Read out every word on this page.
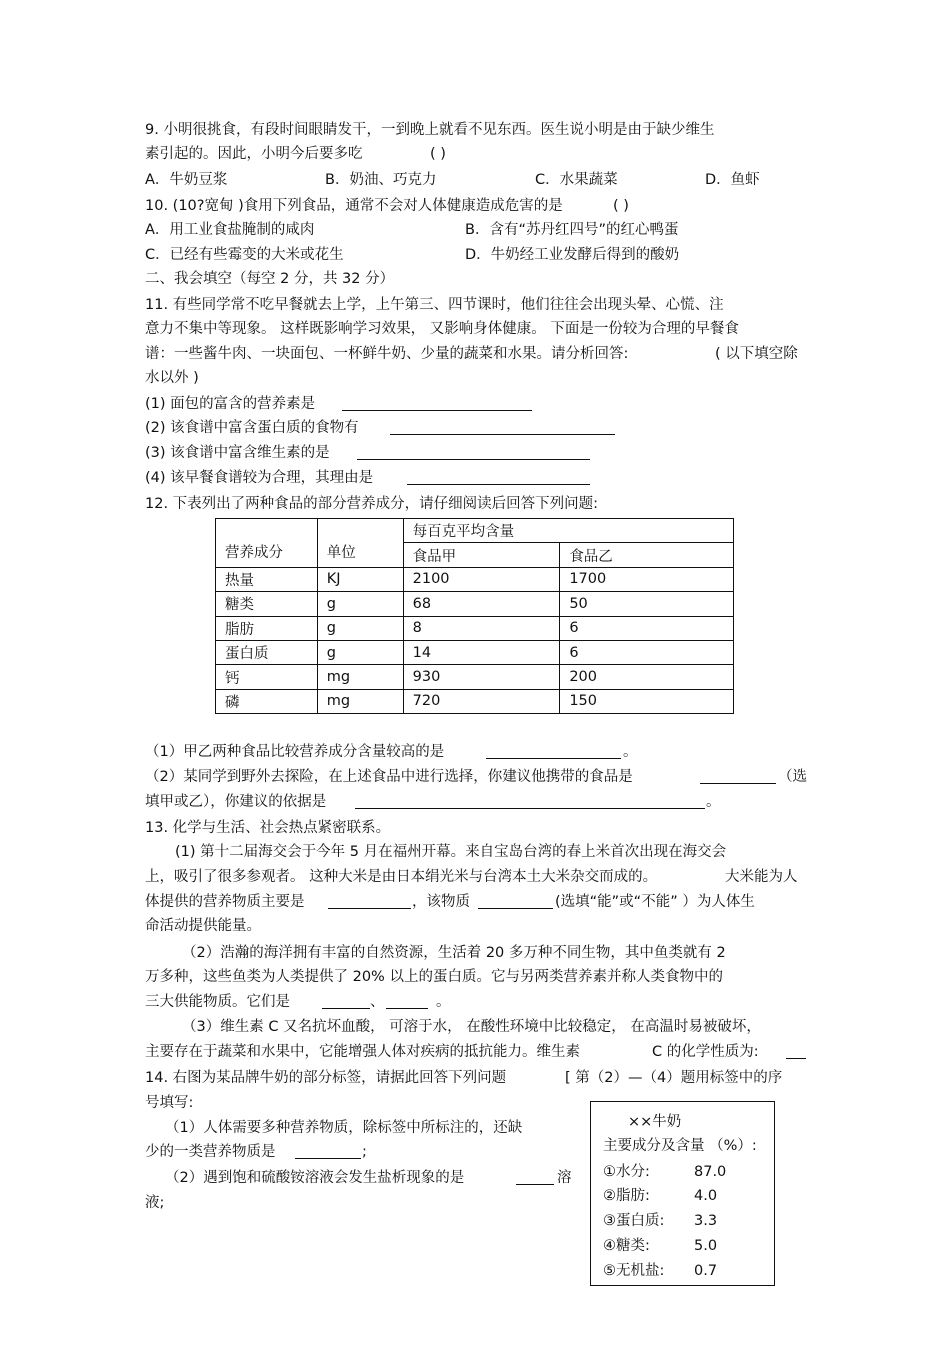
9. 小明很挑食，有段时间眼睛发干，一到晚上就看不见东西。医生说小明是由于缺少维生
素引起的。因此，小明今后要多吃	( )
A．牛奶豆浆	B．奶油、巧克力	C．水果蔬菜	D．鱼虾
10. (10?宽甸 )食用下列食品，通常不会对人体健康造成危害的是	( )
A．用工业食盐腌制的咸肉	B．含有“苏丹红四号”的红心鸭蛋
C．已经有些霉变的大米或花生	D．牛奶经工业发酵后得到的酸奶
二、我会填空（每空 2 分，共 32 分）
11. 有些同学常不吃早餐就去上学，上午第三、四节课时，他们往往会出现头晕、心慌、注
意力不集中等现象。 这样既影响学习效果， 又影响身体健康。 下面是一份较为合理的早餐食
谱：一些酱牛肉、一块面包、一杯鲜牛奶、少量的蔬菜和水果。请分析回答:	( 以下填空除
水以外 )
(1) 面包的富含的营养素是
(2) 该食谱中富含蛋白质的食物有
(3) 该食谱中富含维生素的是
(4) 该早餐食谱较为合理，其理由是
12. 下表列出了两种食品的部分营养成分，请仔细阅读后回答下列问题:
营养成分	单位	每百克平均含量	
		食品甲	食品乙
热量	KJ	2100	1700
糖类	g	68	50
脂肪	g	8	6
蛋白质	g	14	6
钙	mg	930	200
磷	mg	720	150
（1）甲乙两种食品比较营养成分含量较高的是	。
（2）某同学到野外去探险，在上述食品中进行选择，你建议他携带的食品是	（选
填甲或乙），你建议的依据是	。
13. 化学与生活、社会热点紧密联系。
(1) 第十二届海交会于今年 5 月在福州开幕。来自宝岛台湾的春上米首次出现在海交会
上，吸引了很多参观者。 这种大米是由日本绢光米与台湾本土大米杂交而成的。	大米能为人
体提供的营养物质主要是	，该物质	(选填“能”或“不能” ）为人体生
命活动提供能量。
（2）浩瀚的海洋拥有丰富的自然资源，生活着 20 多万种不同生物，其中鱼类就有 2
万多种，这些鱼类为人类提供了 20% 以上的蛋白质。它与另两类营养素并称人类食物中的
三大供能物质。它们是	、	。
（3）维生素 C 又名抗坏血酸， 可溶于水， 在酸性环境中比较稳定， 在高温时易被破坏，
主要存在于蔬菜和水果中，它能增强人体对疾病的抵抗能力。维生素	C 的化学性质为:
14. 右图为某品牌牛奶的部分标签，请据此回答下列问题	[ 第（2）—（4）题用标签中的序
号填写:
（1）人体需要多种营养物质，除标签中所标注的，还缺
少的一类营养物质是	;
（2）遇到饱和硫酸铵溶液会发生盐析现象的是	溶
液;
××牛奶
主要成分及含量 （%）:
①水分:	87.0
②脂肪:	4.0
③蛋白质: 3.3
④糖类:	5.0
⑤无机盐: 0.7
